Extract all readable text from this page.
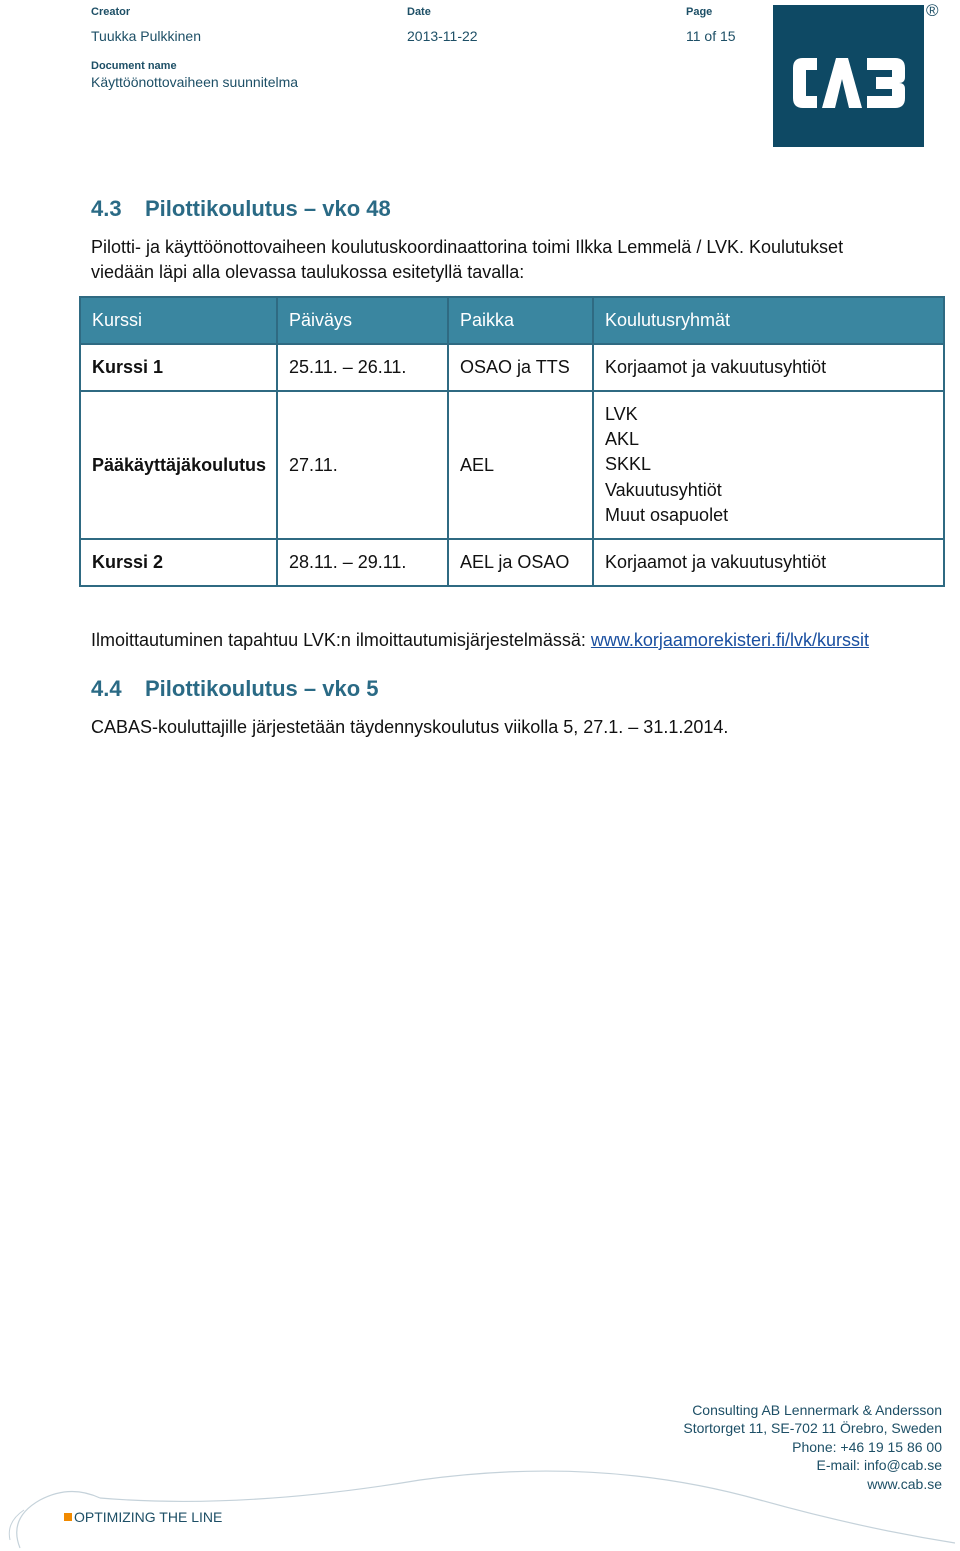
Creator
Tuukka Pulkkinen
Date
2013-11-22
Page
11 of 15
Document name
Käyttöönottovaiheen suunnitelma
®
4.3 Pilottikoulutus – vko 48

Pilotti- ja käyttöönottovaiheen koulutuskoordinaattorina toimi Ilkka Lemmelä / LVK. Koulutukset

viedään läpi alla olevassa taulukossa esitetyllä tavalla:

Kurssi	Päiväys	Paikka	Koulutusryhmät
Kurssi 1	25.11. – 26.11.	OSAO ja TTS	Korjaamot ja vakuutusyhtiöt
Pääkäyttäjäkoulutus	27.11.	AEL	LVK
AKL
SKKL
Vakuutusyhtiöt
Muut osapuolet

Kurssi 2	28.11. – 29.11.	AEL ja OSAO	Korjaamot ja vakuutusyhtiöt
Ilmoittautuminen tapahtuu LVK:n ilmoittautumisjärjestelmässä: www.korjaamorekisteri.fi/lvk/kurssit
4.4 Pilottikoulutus – vko 5

CABAS-kouluttajille järjestetään täydennyskoulutus viikolla 5, 27.1. – 31.1.2014.

Consulting AB Lennermark & Andersson
Stortorget 11, SE-702 11 Örebro, Sweden
Phone: +46 19 15 86 00
E-mail: info@cab.se
www.cab.se
OPTIMIZING THE LINE
